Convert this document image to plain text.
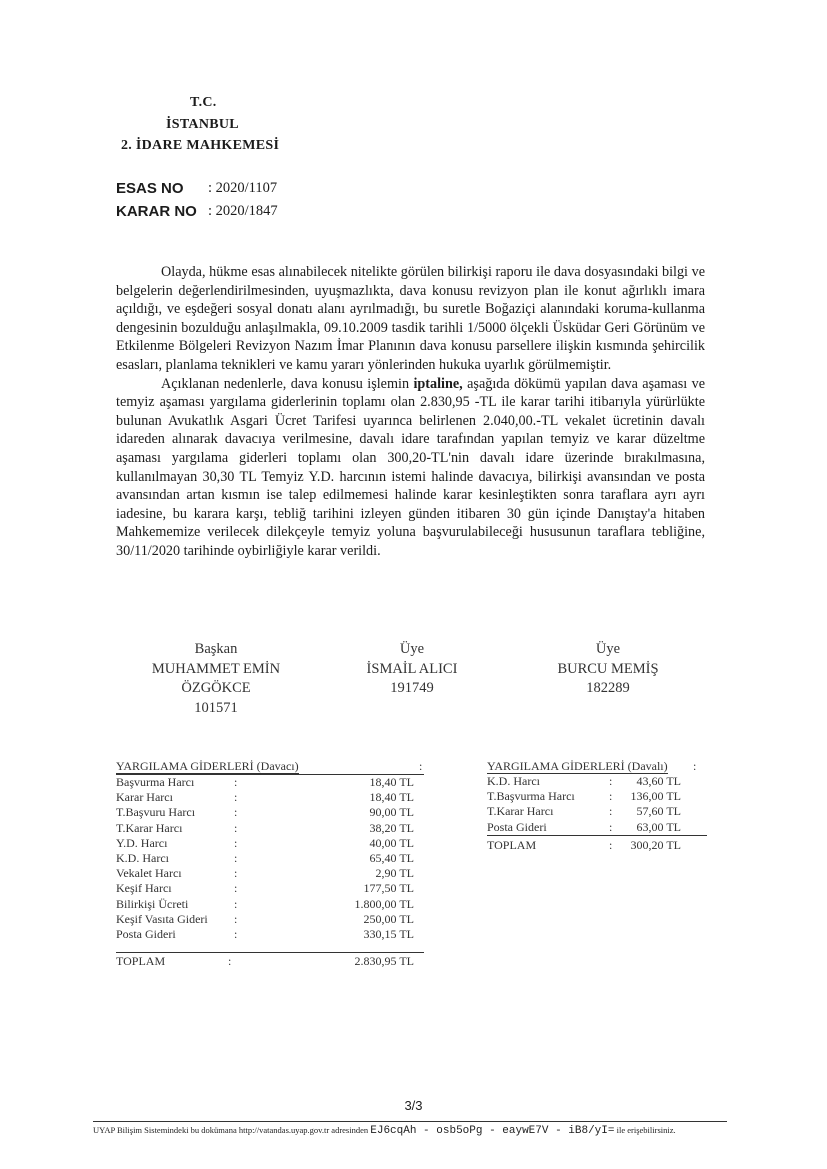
T.C.
İSTANBUL
2. İDARE MAHKEMESİ
ESAS NO : 2020/1107
KARAR NO : 2020/1847

Olayda, hükme esas alınabilecek nitelikte görülen bilirkişi raporu ile dava dosyasındaki bilgi ve belgelerin değerlendirilmesinden, uyuşmazlıkta, dava konusu revizyon plan ile konut ağırlıklı imara açıldığı, ve eşdeğeri sosyal donatı alanı ayrılmadığı, bu suretle Boğaziçi alanındaki koruma-kullanma dengesinin bozulduğu anlaşılmakla, 09.10.2009 tasdik tarihli 1/5000 ölçekli Üsküdar Geri Görünüm ve Etkilenme Bölgeleri Revizyon Nazım İmar Planının dava konusu parsellere ilişkin kısmında şehircilik esasları, planlama teknikleri ve kamu yararı yönlerinden hukuka uyarlık görülmemiştir.

Açıklanan nedenlerle, dava konusu işlemin iptaline, aşağıda dökümü yapılan dava aşaması ve temyiz aşaması yargılama giderlerinin toplamı olan 2.830,95 -TL ile karar tarihi itibarıyla yürürlükte bulunan Avukatlık Asgari Ücret Tarifesi uyarınca belirlenen 2.040,00.-TL vekalet ücretinin davalı idareden alınarak davacıya verilmesine, davalı idare tarafından yapılan temyiz ve karar düzeltme aşaması yargılama giderleri toplamı olan 300,20-TL'nin davalı idare üzerinde bırakılmasına, kullanılmayan 30,30 TL Temyiz Y.D. harcının istemi halinde davacıya, bilirkişi avansından ve posta avansından artan kısmın ise talep edilmemesi halinde karar kesinleştikten sonra taraflara ayrı ayrı iadesine, bu karara karşı, tebliğ tarihini izleyen günden itibaren 30 gün içinde Danıştay'a hitaben Mahkememize verilecek dilekçeyle temyiz yoluna başvurulabileceği hususunun taraflara tebliğine, 30/11/2020 tarihinde oybirliğiyle karar verildi.

Başkan
MUHAMMET EMİN
ÖZGÖKCE
101571
Üye
İSMAİL ALICI
191749
Üye
BURCU MEMİŞ
182289
YARGILAMA GİDERLERİ (Davacı)	:
Başvurma Harcı	:	18,40 TL
Karar Harcı	:	18,40 TL
T.Başvuru Harcı	:	90,00 TL
T.Karar Harcı	:	38,20 TL
Y.D. Harcı	:	40,00 TL
K.D. Harcı	:	65,40 TL
Vekalet Harcı	:	2,90 TL
Keşif Harcı	:	177,50 TL
Bilirkişi Ücreti	:	1.800,00 TL
Keşif Vasıta Gideri :	250,00 TL
Posta Gideri	:	330,15 TL
TOPLAM	:	2.830,95 TL
YARGILAMA GİDERLERİ (Davalı) :
K.D. Harcı	:	43,60 TL
T.Başvurma Harcı	:	136,00 TL
T.Karar Harcı	:	57,60 TL
Posta Gideri	:	63,00 TL
TOPLAM	:	300,20 TL
3/3
UYAP Bilişim Sistemindeki bu dokümana http://vatandas.uyap.gov.tr adresinden EJ6cqAh - osb5oPg - eaywE7V - iB8/yI= ile erişebilirsiniz.
